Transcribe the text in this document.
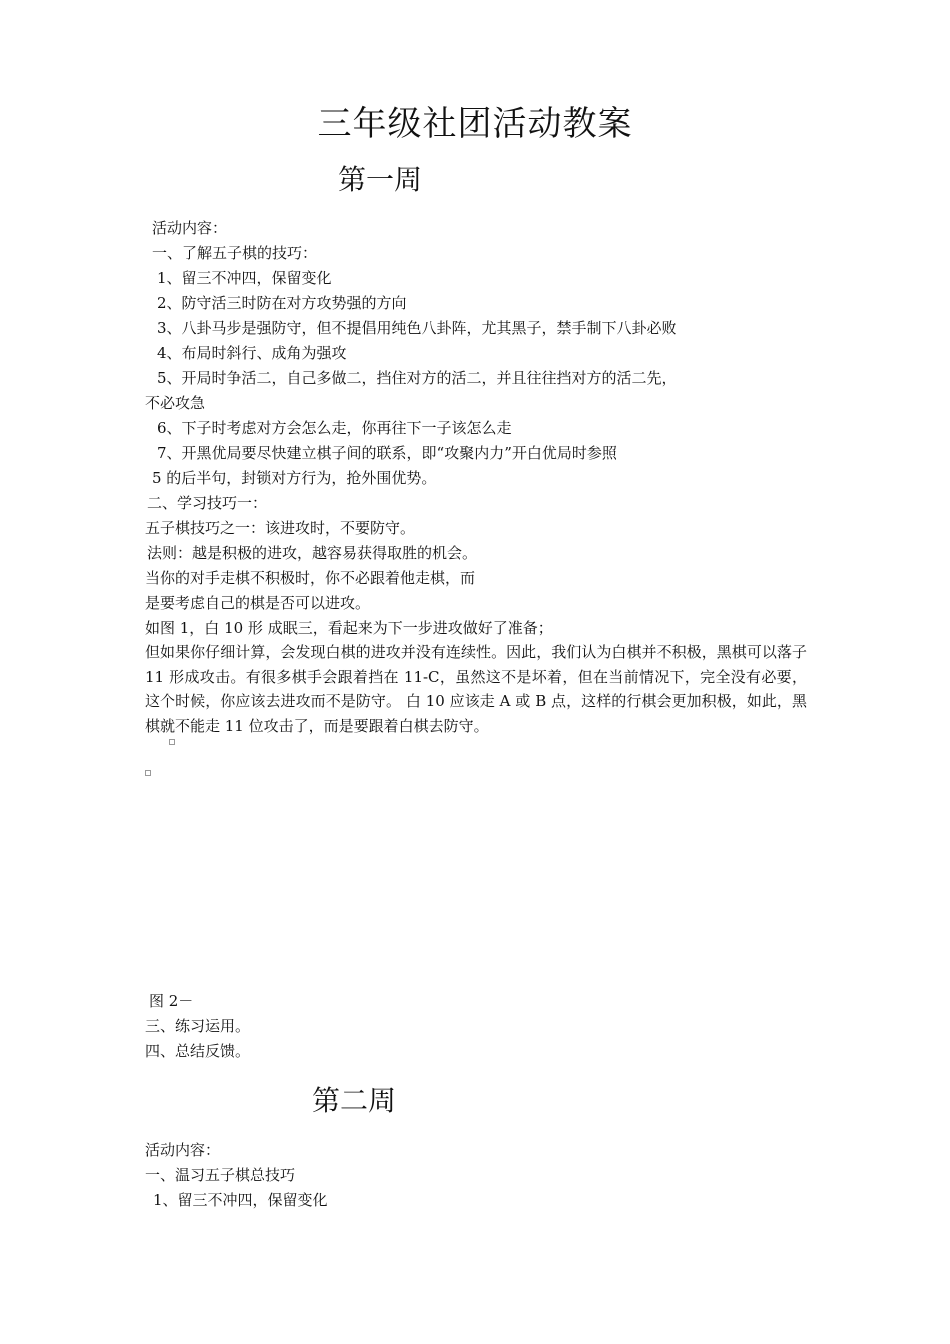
三年级社团活动教案
第一周
活动内容：
一、了解五子棋的技巧：
1、留三不冲四，保留变化
2、防守活三时防在对方攻势强的方向
3、八卦马步是强防守，但不提倡用纯色八卦阵，尤其黑子，禁手制下八卦必败
4、布局时斜行、成角为强攻
5、开局时争活二，自己多做二，挡住对方的活二，并且往往挡对方的活二先，
不必攻急
6、下子时考虑对方会怎么走，你再往下一子该怎么走
7、开黑优局要尽快建立棋子间的联系，即“攻聚内力”开白优局时参照
5 的后半句，封锁对方行为，抢外围优势。
二、学习技巧一：
五子棋技巧之一：该进攻时，不要防守。
法则：越是积极的进攻，越容易获得取胜的机会。
当你的对手走棋不积极时，你不必跟着他走棋，而
是要考虑自己的棋是否可以进攻。
如图 1，白 10 形 成眠三，看起来为下一步进攻做好了准备；
但如果你仔细计算，会发现白棋的进攻并没有连续性。因此，我们认为白棋并不积极，黑棋可以落子 11 形成攻击。有很多棋手会跟着挡在 11-C，虽然这不是坏着，但在当前情况下，完全没有必要，这个时候，你应该去进攻而不是防守。 白 10 应该走 A 或 B 点，这样的行棋会更加积极，如此，黑棋就不能走 11 位攻击了，而是要跟着白棋去防守。
图 2－
三、练习运用。
四、总结反馈。
第二周
活动内容：
一、温习五子棋总技巧
1、留三不冲四，保留变化
